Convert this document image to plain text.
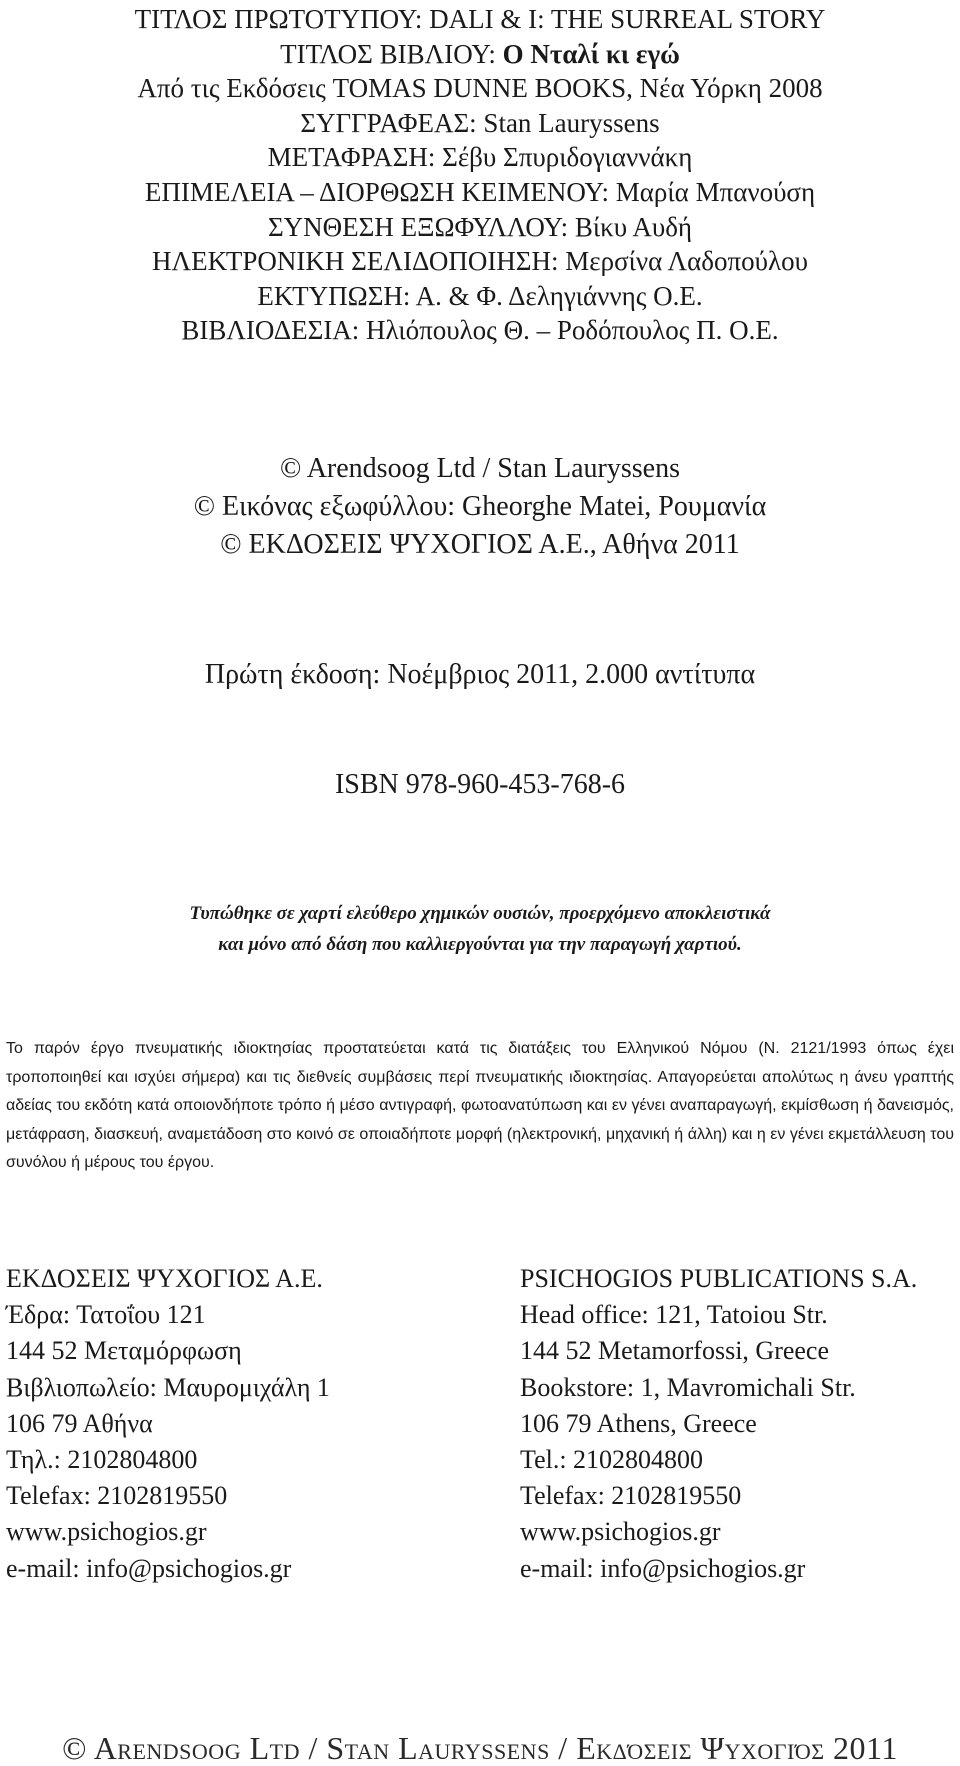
ΤΙΤΛΟΣ ΠΡΩΤΟΤΥΠΟΥ: DALI & I: THE SURREAL STORY
ΤΙΤΛΟΣ ΒΙΒΛΙΟΥ: Ο Νταλί κι εγώ
Από τις Εκδόσεις TOMAS DUNNE BOOKS, Νέα Υόρκη 2008
ΣΥΓΓΡΑΦΕΑΣ: Stan Lauryssens
ΜΕΤΑΦΡΑΣΗ: Σέβυ Σπυριδογιαννάκη
ΕΠΙΜΕΛΕΙΑ – ΔΙΟΡΘΩΣΗ ΚΕΙΜΕΝΟΥ: Μαρία Μπανούση
ΣΥΝΘΕΣΗ ΕΞΩΦΥΛΛΟΥ: Βίκυ Αυδή
ΗΛΕΚΤΡΟΝΙΚΗ ΣΕΛΙΔΟΠΟΙΗΣΗ: Μερσίνα Λαδοπούλου
ΕΚΤΥΠΩΣΗ: Α. & Φ. Δεληγιάννης Ο.Ε.
ΒΙΒΛΙΟΔΕΣΙΑ: Ηλιόπουλος Θ. – Ροδόπουλος Π. Ο.Ε.
© Arendsoog Ltd / Stan Lauryssens
© Εικόνας εξωφύλλου: Gheorghe Matei, Ρουμανία
© ΕΚΔΟΣΕΙΣ ΨΥΧΟΓΙΟΣ Α.Ε., Αθήνα 2011
Πρώτη έκδοση: Νοέμβριος 2011, 2.000 αντίτυπα
ISBN 978-960-453-768-6
Τυπώθηκε σε χαρτί ελεύθερο χημικών ουσιών, προερχόμενο αποκλειστικά
και μόνο από δάση που καλλιεργούνται για την παραγωγή χαρτιού.
Το παρόν έργο πνευματικής ιδιοκτησίας προστατεύεται κατά τις διατάξεις του Ελληνικού Νόμου (Ν. 2121/1993 όπως έχει τροποποιηθεί και ισχύει σήμερα) και τις διεθνείς συμβάσεις περί πνευματικής ιδιοκτησίας. Απαγορεύεται απολύτως η άνευ γραπτής αδείας του εκδότη κατά οποιονδήποτε τρόπο ή μέσο αντιγραφή, φωτοανατύπωση και εν γένει αναπαραγωγή, εκμίσθωση ή δανεισμός, μετάφραση, διασκευή, αναμετάδοση στο κοινό σε οποιαδήποτε μορφή (ηλεκτρονική, μηχανική ή άλλη) και η εν γένει εκμετάλλευση του συνόλου ή μέρους του έργου.
ΕΚΔΟΣΕΙΣ ΨΥΧΟΓΙΟΣ Α.Ε.
Έδρα: Τατοΐου 121
144 52 Μεταμόρφωση
Βιβλιοπωλείο: Μαυρομιχάλη 1
106 79 Αθήνα
Τηλ.: 2102804800
Telefax: 2102819550
www.psichogios.gr
e-mail: info@psichogios.gr
PSICHOGIOS PUBLICATIONS S.A.
Head office: 121, Tatoiou Str.
144 52 Metamorfossi, Greece
Bookstore: 1, Mavromichali Str.
106 79 Athens, Greece
Tel.: 2102804800
Telefax: 2102819550
www.psichogios.gr
e-mail: info@psichogios.gr
© Arendsoog Ltd / Stan Lauryssens / Εκδόσεις Ψυχογιός 2011
